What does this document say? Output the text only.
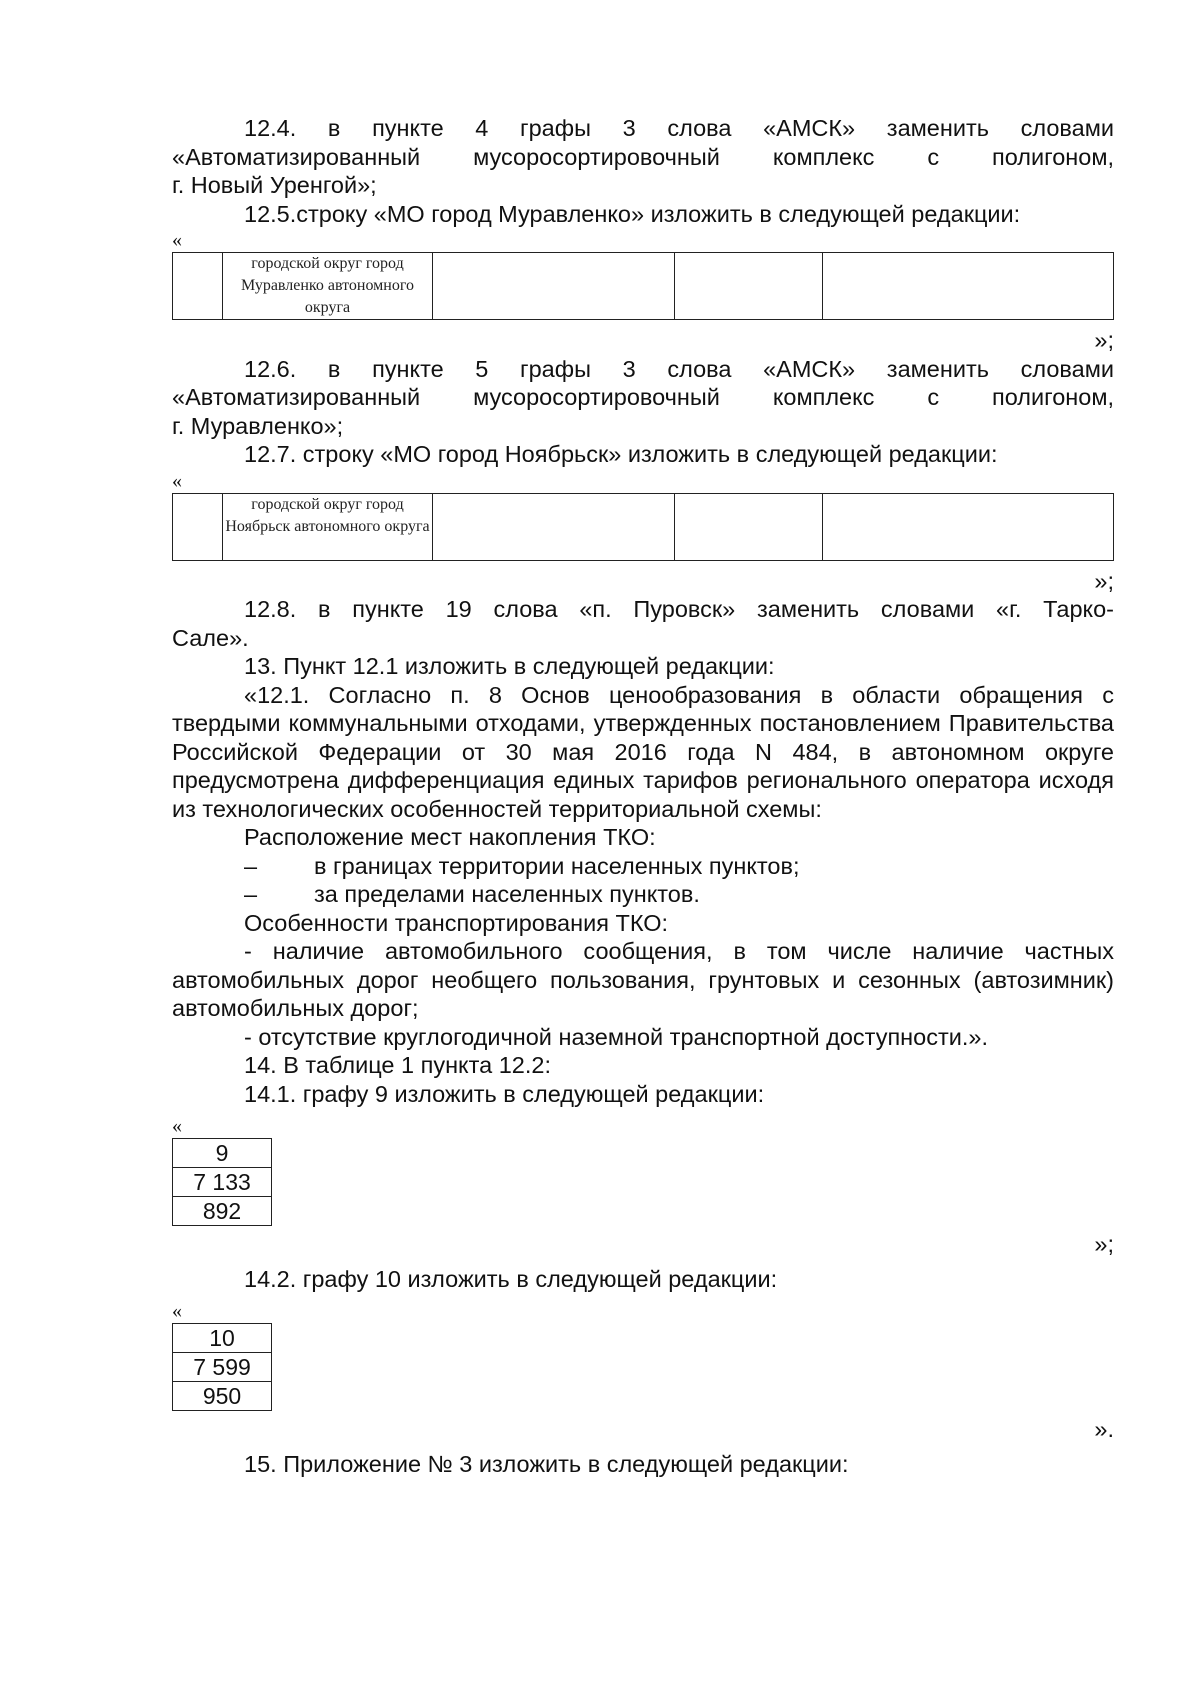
12.4. в пункте 4 графы 3 слова «АМСК» заменить словами

«Автоматизированный мусоросортировочный комплекс с полигоном,

г. Новый Уренгой»;

12.5.строку «МО город Муравленко» изложить в следующей редакции:

«

	городской округ город Муравленко автономного округа			

»;

12.6. в пункте 5 графы 3 слова «АМСК» заменить словами

«Автоматизированный мусоросортировочный комплекс с полигоном,

г. Муравленко»;

12.7. строку «МО город Ноябрьск» изложить в следующей редакции:

«

	городской округ город Ноябрьск автономного округа			

»;

12.8. в пункте 19 слова «п. Пуровск» заменить словами «г. Тарко-

Сале».

13. Пункт 12.1 изложить в следующей редакции:

«12.1. Согласно п. 8 Основ ценообразования в области обращения с твердыми коммунальными отходами, утвержденных постановлением Правительства Российской Федерации от 30 мая 2016 года N 484, в автономном округе предусмотрена дифференциация единых тарифов регионального оператора исходя из технологических особенностей территориальной схемы:

Расположение мест накопления ТКО:

– в границах территории населенных пунктов;

– за пределами населенных пунктов.

Особенности транспортирования ТКО:

- наличие автомобильного сообщения, в том числе наличие частных автомобильных дорог необщего пользования, грунтовых и сезонных (автозимник) автомобильных дорог;

- отсутствие круглогодичной наземной транспортной доступности.».

14. В таблице 1 пункта 12.2:

14.1. графу 9 изложить в следующей редакции:

«

9
7 133
892

»;

14.2. графу 10 изложить в следующей редакции:

«

10
7 599
950

».

15. Приложение № 3 изложить в следующей редакции:
